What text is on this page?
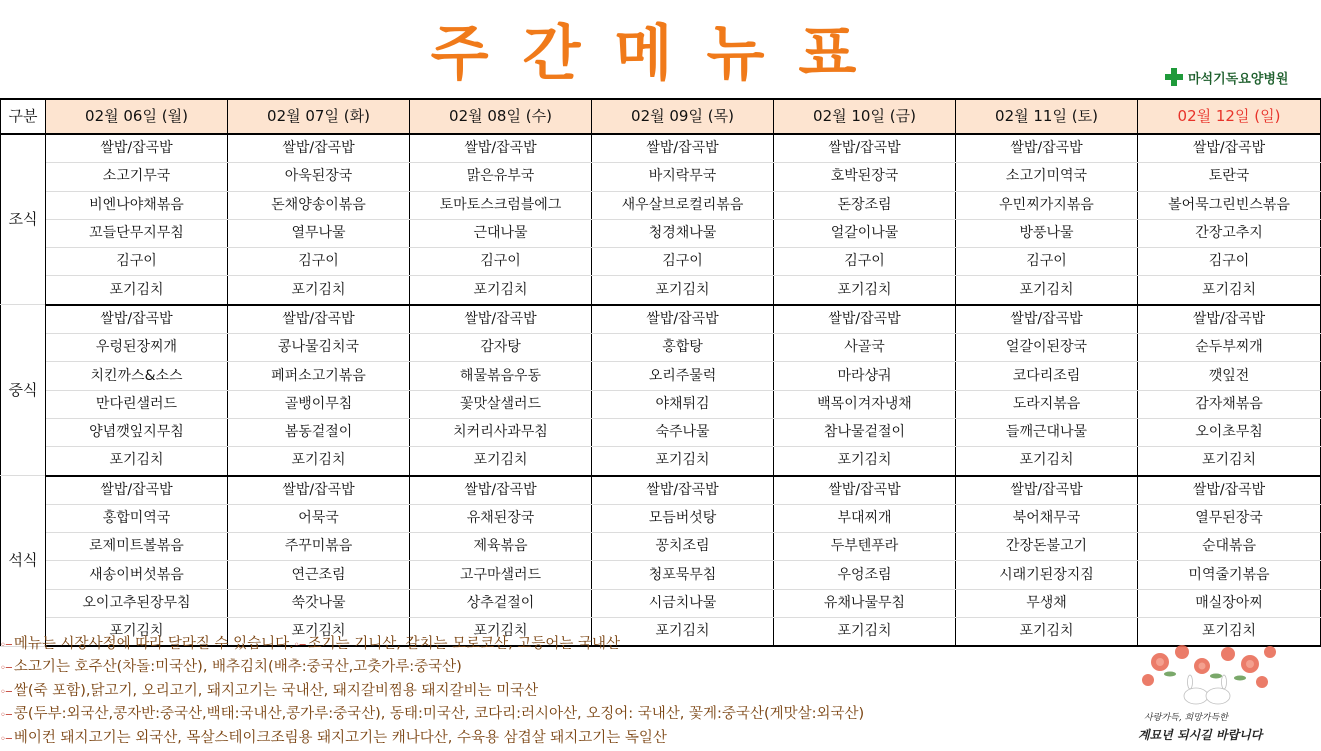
주간메뉴표	마석기독요양병원
구분	02월 06일 (월)	02월 07일 (화)	02월 08일 (수)	02월 09일 (목)	02월 10일 (금)	02월 11일 (토)	02월 12일 (일)
조식	쌀밥/잡곡밥	쌀밥/잡곡밥	쌀밥/잡곡밥	쌀밥/잡곡밥	쌀밥/잡곡밥	쌀밥/잡곡밥	쌀밥/잡곡밥
	소고기무국	아욱된장국	맑은유부국	바지락무국	호박된장국	소고기미역국	토란국
	비엔나야채볶음	돈채양송이볶음	토마토스크럼블에그	새우살브로컬리볶음	돈장조림	우민찌가지볶음	볼어묵그린빈스볶음
	꼬들단무지무침	열무나물	근대나물	청경채나물	얼갈이나물	방풍나물	간장고추지
	김구이	김구이	김구이	김구이	김구이	김구이	김구이
	포기김치	포기김치	포기김치	포기김치	포기김치	포기김치	포기김치
중식	쌀밥/잡곡밥	쌀밥/잡곡밥	쌀밥/잡곡밥	쌀밥/잡곡밥	쌀밥/잡곡밥	쌀밥/잡곡밥	쌀밥/잡곡밥
	우렁된장찌개	콩나물김치국	감자탕	홍합탕	사골국	얼갈이된장국	순두부찌개
	치킨까스&소스	페퍼소고기볶음	해물볶음우동	오리주물럭	마라샹궈	코다리조림	깻잎전
	만다린샐러드	골뱅이무침	꽃맛살샐러드	야채튀김	백목이겨자냉채	도라지볶음	감자채볶음
	양념깻잎지무침	봄동겉절이	치커리사과무침	숙주나물	참나물겉절이	들깨근대나물	오이초무침
	포기김치	포기김치	포기김치	포기김치	포기김치	포기김치	포기김치
석식	쌀밥/잡곡밥	쌀밥/잡곡밥	쌀밥/잡곡밥	쌀밥/잡곡밥	쌀밥/잡곡밥	쌀밥/잡곡밥	쌀밥/잡곡밥
	홍합미역국	어묵국	유채된장국	모듬버섯탕	부대찌개	북어채무국	열무된장국
	로제미트볼볶음	주꾸미볶음	제육볶음	꽁치조림	두부텐푸라	간장돈불고기	순대볶음
	새송이버섯볶음	연근조림	고구마샐러드	청포묵무침	우엉조림	시래기된장지짐	미역줄기볶음
	오이고추된장무침	쑥갓나물	상추겉절이	시금치나물	유채나물무침	무생채	매실장아찌
	포기김치	포기김치	포기김치	포기김치	포기김치	포기김치	포기김치
◦─ 메뉴는 시장사정에 따라 달라질 수 있습니다.◦─ 조기는 기니산, 갈치는 모로코산, 고등어는 국내산
◦─ 소고기는 호주산(차돌:미국산), 배추김치(배추:중국산,고춧가루:중국산)
◦─ 쌀(죽 포함),닭고기, 오리고기, 돼지고기는 국내산, 돼지갈비찜용 돼지갈비는 미국산
◦─ 콩(두부:외국산,콩자반:중국산,백태:국내산,콩가루:중국산), 동태:미국산, 코다리:러시아산, 오징어: 국내산, 꽃게:중국산(게맛살:외국산)
◦─ 베이컨 돼지고기는 외국산, 목살스테이크조림용 돼지고기는 캐나다산, 수육용 삼겹살 돼지고기는 독일산
사랑가득, 희망가득한
계묘년 되시길 바랍니다
